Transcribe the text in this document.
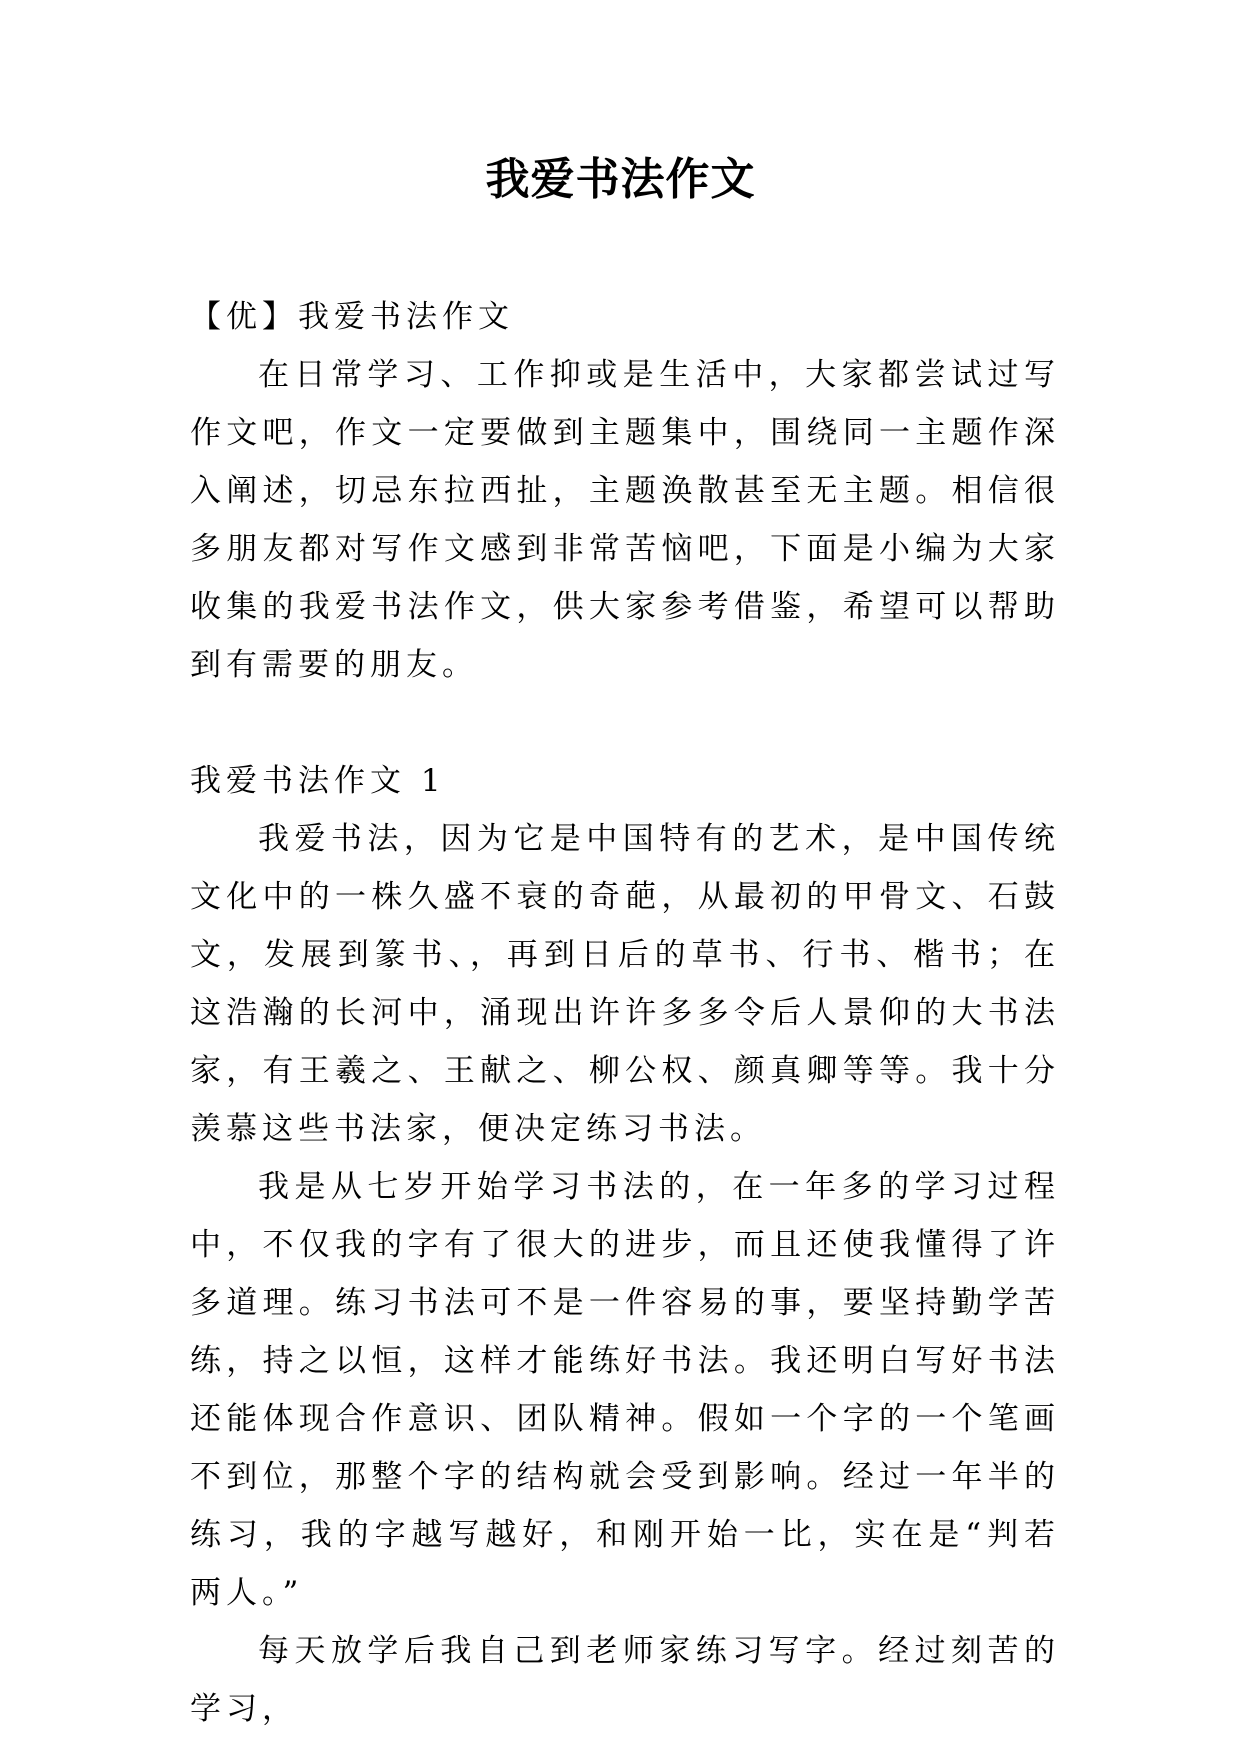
我爱书法作文

【优】我爱书法作文

在日常学习、工作抑或是生活中，大家都尝试过写作文吧，作文一定要做到主题集中，围绕同一主题作深入阐述，切忌东拉西扯，主题涣散甚至无主题。相信很多朋友都对写作文感到非常苦恼吧，下面是小编为大家收集的我爱书法作文，供大家参考借鉴，希望可以帮助到有需要的朋友。

我爱书法作文 1

我爱书法，因为它是中国特有的艺术，是中国传统文化中的一株久盛不衰的奇葩，从最初的甲骨文、石鼓文，发展到篆书、，再到日后的草书、行书、楷书；在这浩瀚的长河中，涌现出许许多多令后人景仰的大书法家，有王羲之、王献之、柳公权、颜真卿等等。我十分羡慕这些书法家，便决定练习书法。

我是从七岁开始学习书法的，在一年多的学习过程中，不仅我的字有了很大的进步，而且还使我懂得了许多道理。练习书法可不是一件容易的事，要坚持勤学苦练，持之以恒，这样才能练好书法。我还明白写好书法还能体现合作意识、团队精神。假如一个字的一个笔画不到位，那整个字的结构就会受到影响。经过一年半的练习，我的字越写越好，和刚开始一比，实在是“判若两人。”

每天放学后我自己到老师家练习写字。经过刻苦的学习，
